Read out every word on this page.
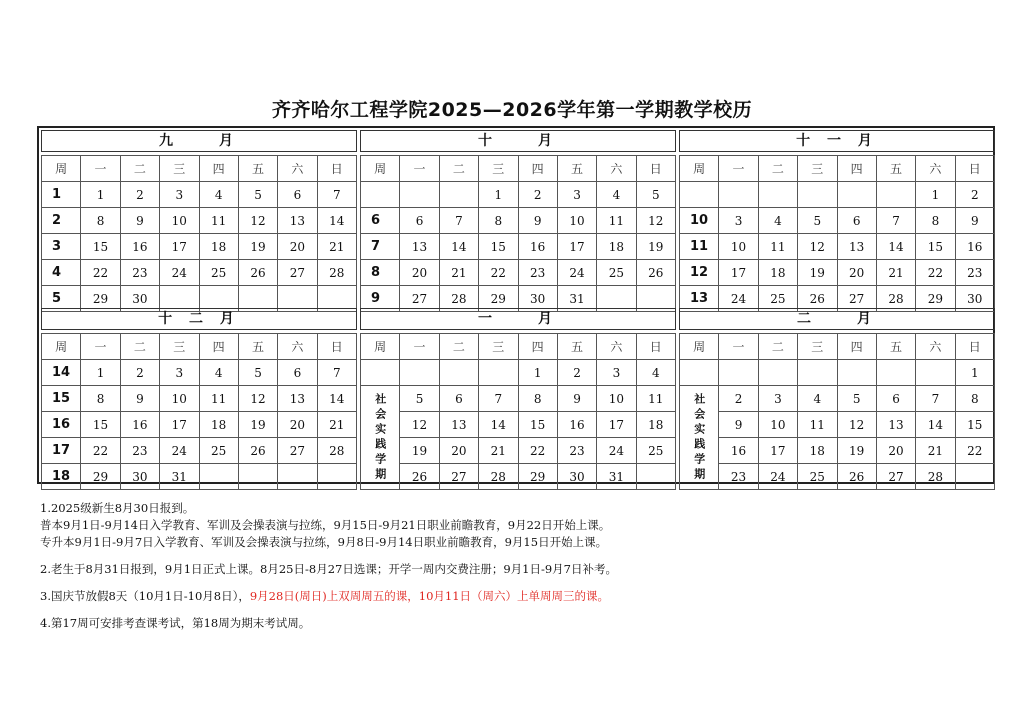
齐齐哈尔工程学院2025—2026学年第一学期教学校历
九　　月
周	一	二	三	四	五	六	日
1	1	2	3	4	5	6	7
2	8	9	10	11	12	13	14
3	15	16	17	18	19	20	21
4	22	23	24	25	26	27	28
5	29	30					
十　　月
周	一	二	三	四	五	六	日
			1	2	3	4	5
6	6	7	8	9	10	11	12
7	13	14	15	16	17	18	19
8	20	21	22	23	24	25	26
9	27	28	29	30	31		
十 一 月
周	一	二	三	四	五	六	日
						1	2
10	3	4	5	6	7	8	9
11	10	11	12	13	14	15	16
12	17	18	19	20	21	22	23
13	24	25	26	27	28	29	30
十 二 月
周	一	二	三	四	五	六	日
14	1	2	3	4	5	6	7
15	8	9	10	11	12	13	14
16	15	16	17	18	19	20	21
17	22	23	24	25	26	27	28
18	29	30	31				
一　　月
周	一	二	三	四	五	六	日
				1	2	3	4
社会实践学期	5	6	7	8	9	10	11
	12	13	14	15	16	17	18
	19	20	21	22	23	24	25
	26	27	28	29	30	31	
二　　月
周	一	二	三	四	五	六	日
							1
社会实践学期	2	3	4	5	6	7	8
	9	10	11	12	13	14	15
	16	17	18	19	20	21	22
	23	24	25	26	27	28	

1.2025级新生8月30日报到。

普本9月1日-9月14日入学教育、军训及会操表演与拉练，9月15日-9月21日职业前瞻教育，9月22日开始上课。

专升本9月1日-9月7日入学教育、军训及会操表演与拉练，9月8日-9月14日职业前瞻教育，9月15日开始上课。

2.老生于8月31日报到，9月1日正式上课。8月25日-8月27日选课；开学一周内交费注册；9月1日-9月7日补考。

3.国庆节放假8天（10月1日-10月8日），9月28日(周日)上双周周五的课，10月11日（周六）上单周周三的课。

4.第17周可安排考查课考试，第18周为期末考试周。
